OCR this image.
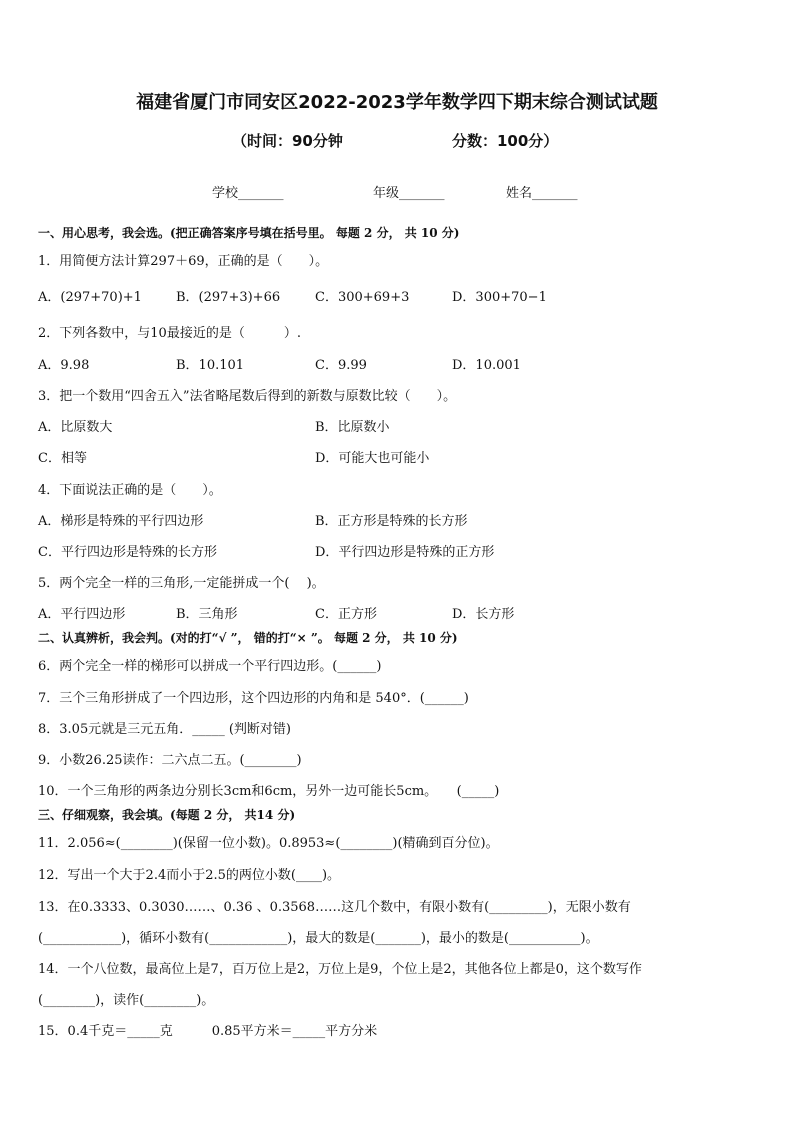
福建省厦门市同安区2022-2023学年数学四下期末综合测试试题
（时间：90分钟	分数：100分）
学校_______	年级_______	姓名_______
一、用心思考，我会选。(把正确答案序号填在括号里。 每题 2 分， 共 10 分)
1．用简便方法计算297＋69，正确的是（　　）。
A．(297+70)+1	B．(297+3)+66	C．300+69+3	D．300+70−1
2．下列各数中，与10最接近的是（　　　）.
A．9.98	B．10.101	C．9.99	D．10.001
3．把一个数用“四舍五入”法省略尾数后得到的新数与原数比较（　　）。
A．比原数大	B．比原数小
C．相等	D．可能大也可能小
4．下面说法正确的是（　　）。
A．梯形是特殊的平行四边形	B．正方形是特殊的长方形
C．平行四边形是特殊的长方形	D．平行四边形是特殊的正方形
5．两个完全一样的三角形,一定能拼成一个(　 )。
A．平行四边形	B．三角形	C．正方形	D．长方形
二、认真辨析，我会判。(对的打“√ ”， 错的打“× ”。 每题 2 分， 共 10 分)
6．两个完全一样的梯形可以拼成一个平行四边形。(______)
7．三个三角形拼成了一个四边形，这个四边形的内角和是 540°．(______)
8．3.05元就是三元五角．_____ (判断对错)
9．小数26.25读作：二六点二五。(________)
10．一个三角形的两条边分别长3cm和6cm，另外一边可能长5cm。　　(_____)
三、仔细观察，我会填。(每题 2 分， 共14 分)
11．2.056≈(________)(保留一位小数)。0.8953≈(________)(精确到百分位)。
12．写出一个大于2.4而小于2.5的两位小数(____)。
13．在0.3333、0.3030……、0.36 、0.3568……这几个数中，有限小数有(_________)，无限小数有
(____________)，循环小数有(____________)，最大的数是(_______)，最小的数是(___________)。
14．一个八位数，最高位上是7，百万位上是2，万位上是9，个位上是2，其他各位上都是0，这个数写作
(________)，读作(________)。
15．0.4千克＝_____克　　　0.85平方米＝_____平方分米
